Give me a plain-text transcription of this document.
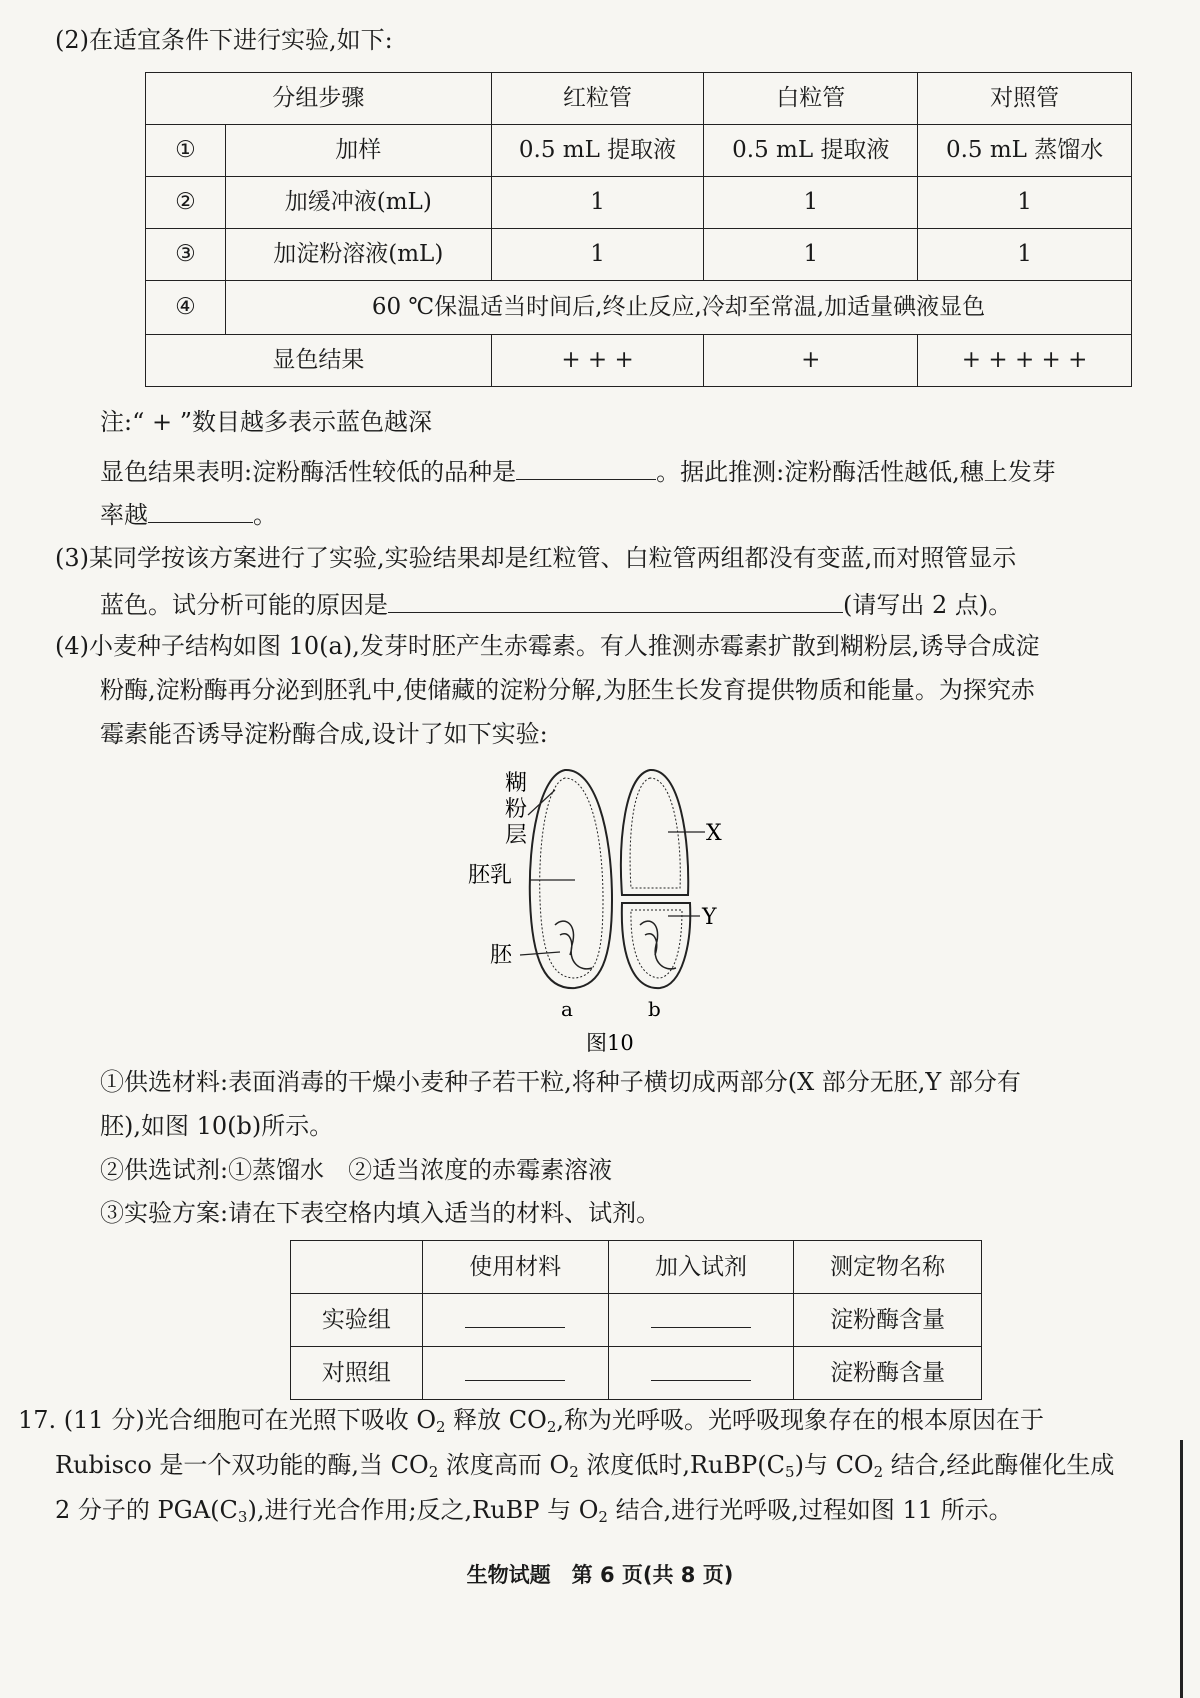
(2)在适宜条件下进行实验,如下:
分组步骤		红粒管	白粒管	对照管
①	加样	0.5 mL 提取液	0.5 mL 提取液	0.5 mL 蒸馏水
②	加缓冲液(mL)	1	1	1
③	加淀粉溶液(mL)	1	1	1
④	60 ℃保温适当时间后,终止反应,冷却至常温,加适量碘液显色			
显色结果		+ + +	+	+ + + + +
注:“ + ”数目越多表示蓝色越深
显色结果表明:淀粉酶活性较低的品种是	。据此推测:淀粉酶活性越低,穗上发芽
率越	。
(3)某同学按该方案进行了实验,实验结果却是红粒管、白粒管两组都没有变蓝,而对照管显示
蓝色。试分析可能的原因是	(请写出 2 点)。
(4)小麦种子结构如图 10(a),发芽时胚产生赤霉素。有人推测赤霉素扩散到糊粉层,诱导合成淀
粉酶,淀粉酶再分泌到胚乳中,使储藏的淀粉分解,为胚生长发育提供物质和能量。为探究赤
霉素能否诱导淀粉酶合成,设计了如下实验:
糊
粉
层
胚乳
胚
X
Y
a	b
图10
①供选材料:表面消毒的干燥小麦种子若干粒,将种子横切成两部分(X 部分无胚,Y 部分有
胚),如图 10(b)所示。
②供选试剂:①蒸馏水　②适当浓度的赤霉素溶液
③实验方案:请在下表空格内填入适当的材料、试剂。
	使用材料	加入试剂	测定物名称
实验组			淀粉酶含量
对照组			淀粉酶含量
17. (11 分)光合细胞可在光照下吸收 $O_2$ 释放 $CO_2$,称为光呼吸。光呼吸现象存在的根本原因在于
Rubisco 是一个双功能的酶,当 $CO_2$ 浓度高而 $O_2$ 浓度低时$,RuBP(C_5)$与 $CO_2$ 结合,经此酶催化生成
2 分子的 $PGA(C_3)$,进行光合作用;反之,RuBP 与 $O_2$ 结合,进行光呼吸,过程如图 11 所示。
生物试题　第 6 页(共 8 页)
